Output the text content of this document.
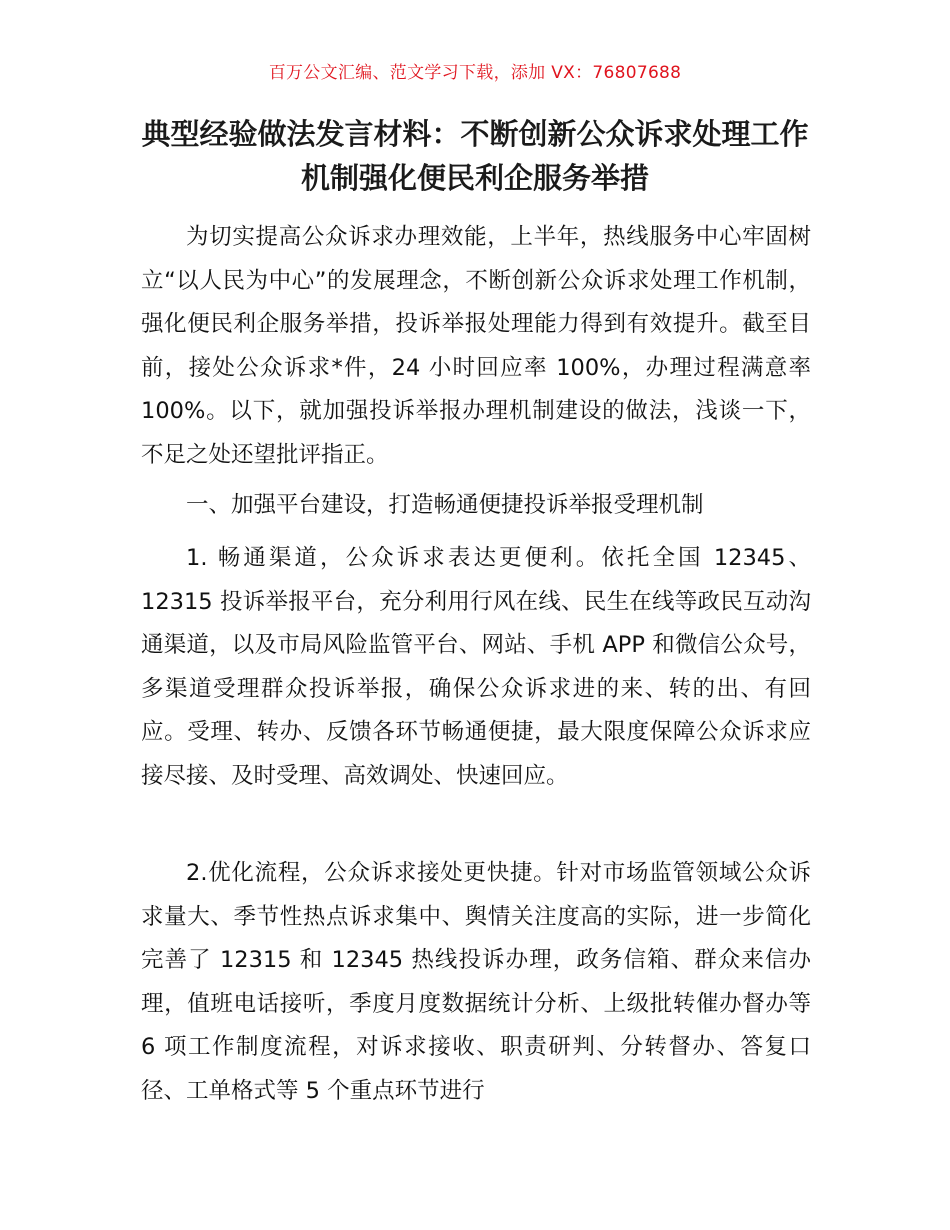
百万公文汇编、范文学习下载，添加 VX：76807688
典型经验做法发言材料：不断创新公众诉求处理工作机制强化便民利企服务举措
为切实提高公众诉求办理效能，上半年，热线服务中心牢固树立“以人民为中心”的发展理念，不断创新公众诉求处理工作机制，强化便民利企服务举措，投诉举报处理能力得到有效提升。截至目前，接处公众诉求*件，24 小时回应率 100%，办理过程满意率 100%。以下，就加强投诉举报办理机制建设的做法，浅谈一下，不足之处还望批评指正。
一、加强平台建设，打造畅通便捷投诉举报受理机制
1. 畅通渠道，公众诉求表达更便利。依托全国 12345、12315 投诉举报平台，充分利用行风在线、民生在线等政民互动沟通渠道，以及市局风险监管平台、网站、手机 APP 和微信公众号，多渠道受理群众投诉举报，确保公众诉求进的来、转的出、有回应。受理、转办、反馈各环节畅通便捷，最大限度保障公众诉求应接尽接、及时受理、高效调处、快速回应。
2.优化流程，公众诉求接处更快捷。针对市场监管领域公众诉求量大、季节性热点诉求集中、舆情关注度高的实际，进一步简化完善了 12315 和 12345 热线投诉办理，政务信箱、群众来信办理，值班电话接听，季度月度数据统计分析、上级批转催办督办等 6 项工作制度流程，对诉求接收、职责研判、分转督办、答复口径、工单格式等 5 个重点环节进行
